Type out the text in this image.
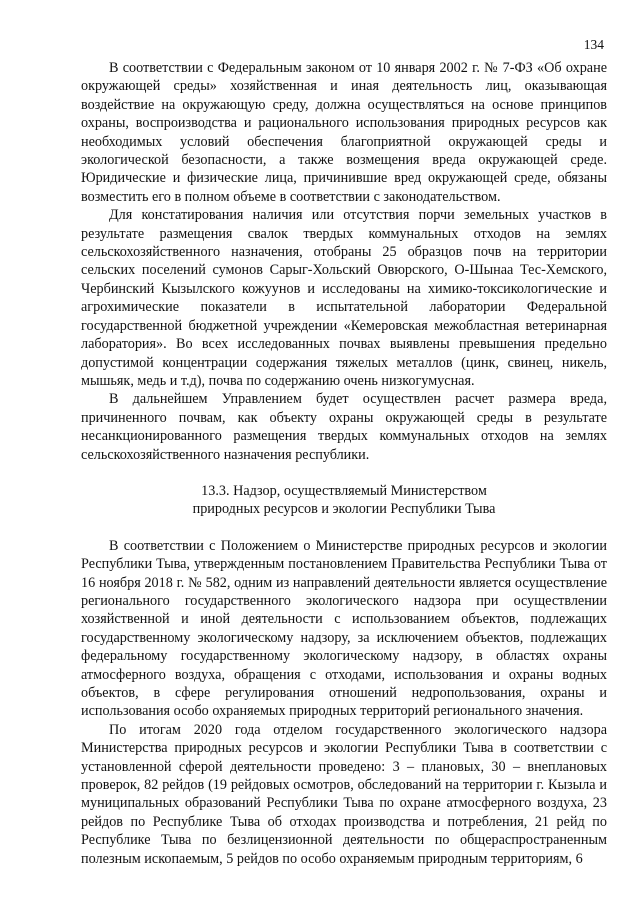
134

В соответствии с Федеральным законом от 10 января 2002 г. № 7-ФЗ «Об охране окружающей среды» хозяйственная и иная деятельность лиц, оказывающая воздействие на окружающую среду, должна осуществляться на основе принципов охраны, воспроизводства и рационального использования природных ресурсов как необходимых условий обеспечения благоприятной окружающей среды и экологической безопасности, а также возмещения вреда окружающей среде. Юридические и физические лица, причинившие вред окружающей среде, обязаны возместить его в полном объеме в соответствии с законодательством.

Для констатирования наличия или отсутствия порчи земельных участков в результате размещения свалок твердых коммунальных отходов на землях сельскохозяйственного назначения, отобраны 25 образцов почв на территории сельских поселений сумонов Сарыг-Хольский Овюрского, О-Шынаа Тес-Хемского, Чербинский Кызылского кожуунов и исследованы на химико-токсикологические и агрохимические показатели в испытательной лаборатории Федеральной государственной бюджетной учреждении «Кемеровская межобластная ветеринарная лаборатория». Во всех исследованных почвах выявлены превышения предельно допустимой концентрации содержания тяжелых металлов (цинк, свинец, никель, мышьяк, медь и т.д), почва по содержанию очень низкогумусная.

В дальнейшем Управлением будет осуществлен расчет размера вреда, причиненного почвам, как объекту охраны окружающей среды в результате несанкционированного размещения твердых коммунальных отходов на землях сельскохозяйственного назначения республики.

13.3. Надзор, осуществляемый Министерством
природных ресурсов и экологии Республики Тыва

В соответствии с Положением о Министерстве природных ресурсов и экологии Республики Тыва, утвержденным постановлением Правительства Республики Тыва от 16 ноября 2018 г. № 582, одним из направлений деятельности является осуществление регионального государственного экологического надзора при осуществлении хозяйственной и иной деятельности с использованием объектов, подлежащих государственному экологическому надзору, за исключением объектов, подлежащих федеральному государственному экологическому надзору, в областях охраны атмосферного воздуха, обращения с отходами, использования и охраны водных объектов, в сфере регулирования отношений недропользования, охраны и использования особо охраняемых природных территорий регионального значения.

По итогам 2020 года отделом государственного экологического надзора Министерства природных ресурсов и экологии Республики Тыва в соответствии с установленной сферой деятельности проведено: 3 – плановых, 30 – внеплановых проверок, 82 рейдов (19 рейдовых осмотров, обследований на территории г. Кызыла и муниципальных образований Республики Тыва по охране атмосферного воздуха, 23 рейдов по Республике Тыва об отходах производства и потребления, 21 рейд по Республике Тыва по безлицензионной деятельности по общераспространенным полезным ископаемым, 5 рейдов по особо охраняемым природным территориям, 6
